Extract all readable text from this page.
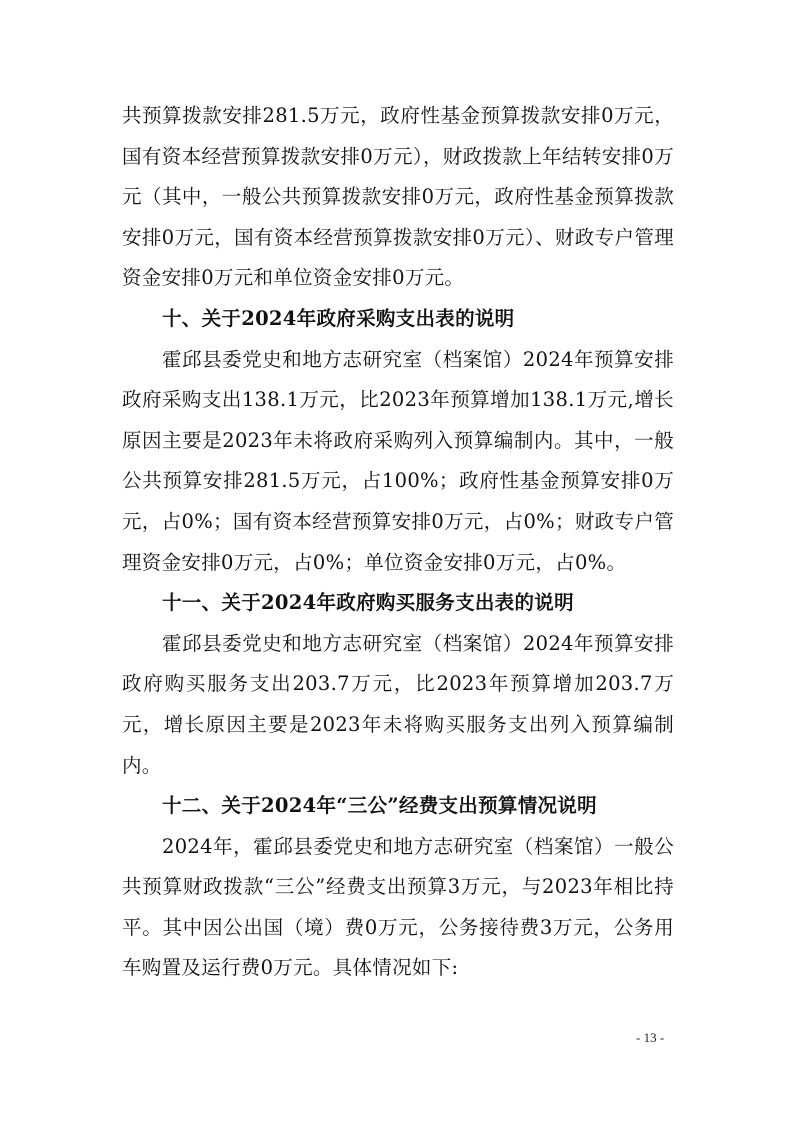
共预算拨款安排281.5万元，政府性基金预算拨款安排0万元，国有资本经营预算拨款安排0万元），财政拨款上年结转安排0万元（其中，一般公共预算拨款安排0万元，政府性基金预算拨款安排0万元，国有资本经营预算拨款安排0万元）、财政专户管理资金安排0万元和单位资金安排0万元。

十、关于2024年政府采购支出表的说明

霍邱县委党史和地方志研究室（档案馆）2024年预算安排政府采购支出138.1万元，比2023年预算增加138.1万元,增长原因主要是2023年未将政府采购列入预算编制内。其中，一般公共预算安排281.5万元，占100%；政府性基金预算安排0万元，占0%；国有资本经营预算安排0万元，占0%；财政专户管理资金安排0万元，占0%；单位资金安排0万元，占0%。

十一、关于2024年政府购买服务支出表的说明

霍邱县委党史和地方志研究室（档案馆）2024年预算安排政府购买服务支出203.7万元，比2023年预算增加203.7万元，增长原因主要是2023年未将购买服务支出列入预算编制内。

十二、关于2024年“三公”经费支出预算情况说明

2024年，霍邱县委党史和地方志研究室（档案馆）一般公共预算财政拨款“三公”经费支出预算3万元，与2023年相比持平。其中因公出国（境）费0万元，公务接待费3万元，公务用车购置及运行费0万元。具体情况如下:

- 13 -
